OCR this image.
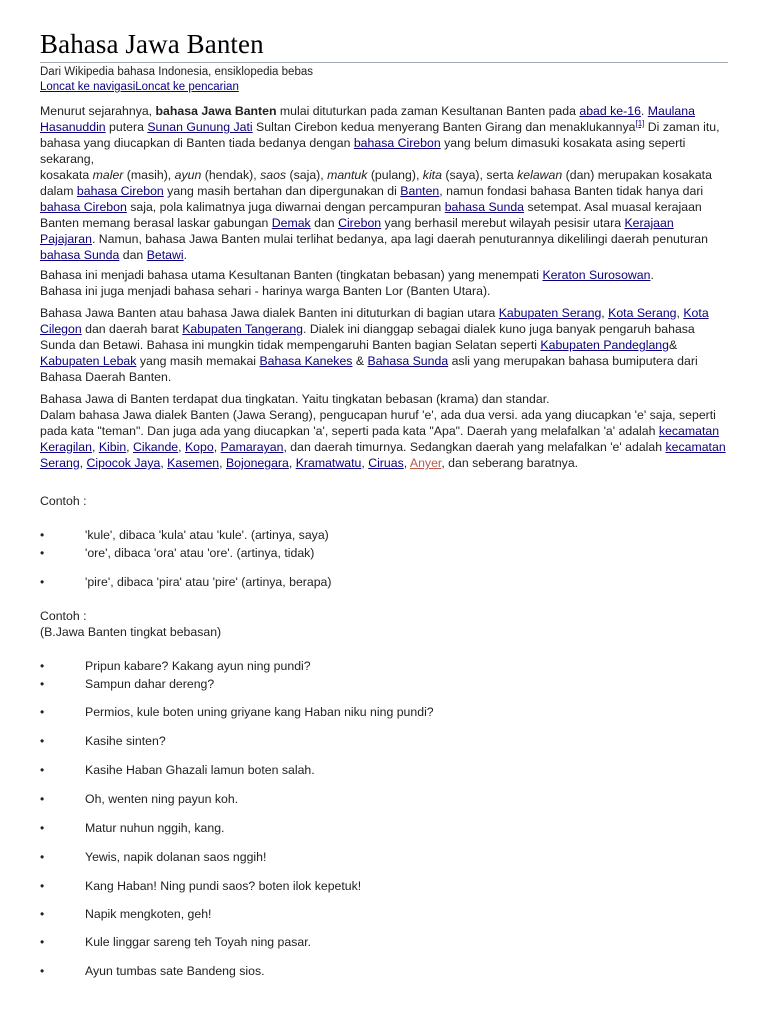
Bahasa Jawa Banten
Dari Wikipedia bahasa Indonesia, ensiklopedia bebas
Loncat ke navigasiLoncat ke pencarian

Menurut sejarahnya, bahasa Jawa Banten mulai dituturkan pada zaman Kesultanan Banten pada abad ke-16. Maulana Hasanuddin putera Sunan Gunung Jati Sultan Cirebon kedua menyerang Banten Girang dan menaklukannya[1] Di zaman itu, bahasa yang diucapkan di Banten tiada bedanya dengan bahasa Cirebon yang belum dimasuki kosakata asing seperti sekarang,
kosakata maler (masih), ayun (hendak), saos (saja), mantuk (pulang), kita (saya), serta kelawan (dan) merupakan kosakata dalam bahasa Cirebon yang masih bertahan dan dipergunakan di Banten, namun fondasi bahasa Banten tidak hanya dari bahasa Cirebon saja, pola kalimatnya juga diwarnai dengan percampuran bahasa Sunda setempat. Asal muasal kerajaan Banten memang berasal laskar gabungan Demak dan Cirebon yang berhasil merebut wilayah pesisir utara Kerajaan Pajajaran. Namun, bahasa Jawa Banten mulai terlihat bedanya, apa lagi daerah penuturannya dikelilingi daerah penuturan bahasa Sunda dan Betawi.

Bahasa ini menjadi bahasa utama Kesultanan Banten (tingkatan bebasan) yang menempati Keraton Surosowan.
Bahasa ini juga menjadi bahasa sehari - harinya warga Banten Lor (Banten Utara).

Bahasa Jawa Banten atau bahasa Jawa dialek Banten ini dituturkan di bagian utara Kabupaten Serang, Kota Serang, Kota Cilegon dan daerah barat Kabupaten Tangerang. Dialek ini dianggap sebagai dialek kuno juga banyak pengaruh bahasa Sunda dan Betawi. Bahasa ini mungkin tidak mempengaruhi Banten bagian Selatan seperti Kabupaten Pandeglang& Kabupaten Lebak yang masih memakai Bahasa Kanekes & Bahasa Sunda asli yang merupakan bahasa bumiputera dari Bahasa Daerah Banten.

Bahasa Jawa di Banten terdapat dua tingkatan. Yaitu tingkatan bebasan (krama) dan standar.
Dalam bahasa Jawa dialek Banten (Jawa Serang), pengucapan huruf 'e', ada dua versi. ada yang diucapkan 'e' saja, seperti pada kata "teman". Dan juga ada yang diucapkan 'a', seperti pada kata "Apa". Daerah yang melafalkan 'a' adalah kecamatan Keragilan, Kibin, Cikande, Kopo, Pamarayan, dan daerah timurnya. Sedangkan daerah yang melafalkan 'e' adalah kecamatan Serang, Cipocok Jaya, Kasemen, Bojonegara, Kramatwatu, Ciruas, Anyer, dan seberang baratnya.

Contoh :
•	'kule', dibaca 'kula' atau 'kule'. (artinya, saya)
•	'ore', dibaca 'ora' atau 'ore'. (artinya, tidak)
•	'pire', dibaca 'pira' atau 'pire' (artinya, berapa)
Contoh :
(B.Jawa Banten tingkat bebasan)
•	Pripun kabare? Kakang ayun ning pundi?
•	Sampun dahar dereng?
•	Permios, kule boten uning griyane kang Haban niku ning pundi?
•	Kasihe sinten?
•	Kasihe Haban Ghazali lamun boten salah.
•	Oh, wenten ning payun koh.
•	Matur nuhun nggih, kang.
•	Yewis, napik dolanan saos nggih!
•	Kang Haban! Ning pundi saos? boten ilok kepetuk!
•	Napik mengkoten, geh!
•	Kule linggar sareng teh Toyah ning pasar.
•	Ayun tumbas sate Bandeng sios.
